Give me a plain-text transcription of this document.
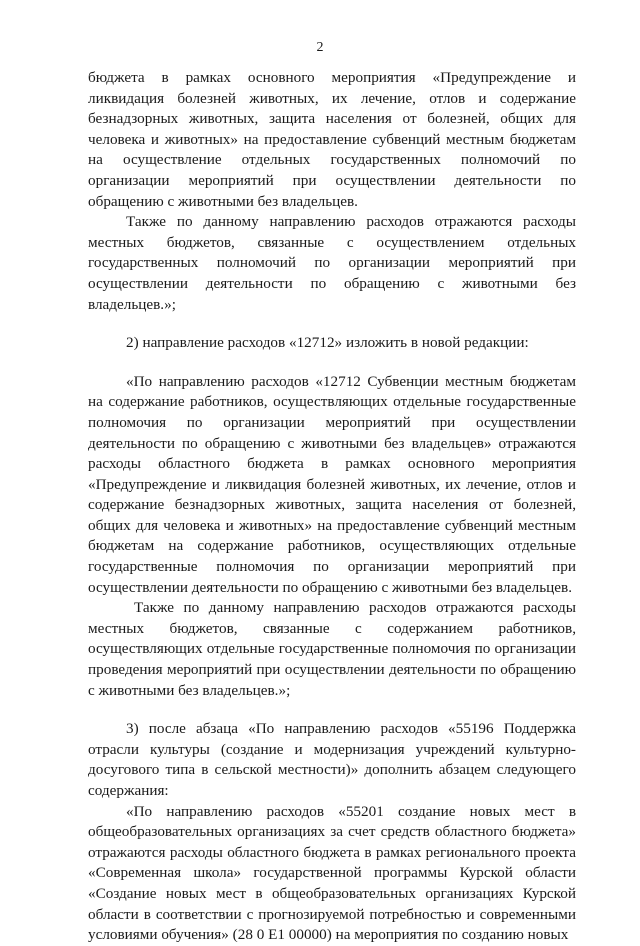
2

бюджета в рамках основного мероприятия «Предупреждение и ликвидация болезней животных, их лечение, отлов и содержание безнадзорных животных, защита населения от болезней, общих для человека и животных» на предоставление субвенций местным бюджетам на осуществление отдельных государственных полномочий по организации мероприятий при осуществлении деятельности по обращению с животными без владельцев.

Также по данному направлению расходов отражаются расходы местных бюджетов, связанные с осуществлением отдельных государственных полномочий по организации мероприятий при осуществлении деятельности по обращению с животными без владельцев.»;

2) направление расходов «12712» изложить в новой редакции:

«По направлению расходов «12712 Субвенции местным бюджетам на содержание работников, осуществляющих отдельные государственные полномочия по организации мероприятий при осуществлении деятельности по обращению с животными без владельцев» отражаются расходы областного бюджета в рамках основного мероприятия «Предупреждение и ликвидация болезней животных, их лечение, отлов и содержание безнадзорных животных, защита населения от болезней, общих для человека и животных» на предоставление субвенций местным бюджетам на содержание работников, осуществляющих отдельные государственные полномочия по организации мероприятий при осуществлении деятельности по обращению с животными без владельцев.

Также по данному направлению расходов отражаются расходы местных бюджетов, связанные с содержанием работников, осуществляющих отдельные государственные полномочия по организации проведения мероприятий при осуществлении деятельности по обращению с животными без владельцев.»;

3) после абзаца «По направлению расходов «55196 Поддержка отрасли культуры (создание и модернизация учреждений культурно-досугового типа в сельской местности)» дополнить абзацем следующего содержания:

«По направлению расходов «55201 создание новых мест в общеобразовательных организациях за счет средств областного бюджета» отражаются расходы областного бюджета в рамках регионального проекта «Современная школа» государственной программы Курской области «Создание новых мест в общеобразовательных организациях Курской области в соответствии с прогнозируемой потребностью и современными условиями обучения» (28 0 Е1 00000) на мероприятия по созданию новых
